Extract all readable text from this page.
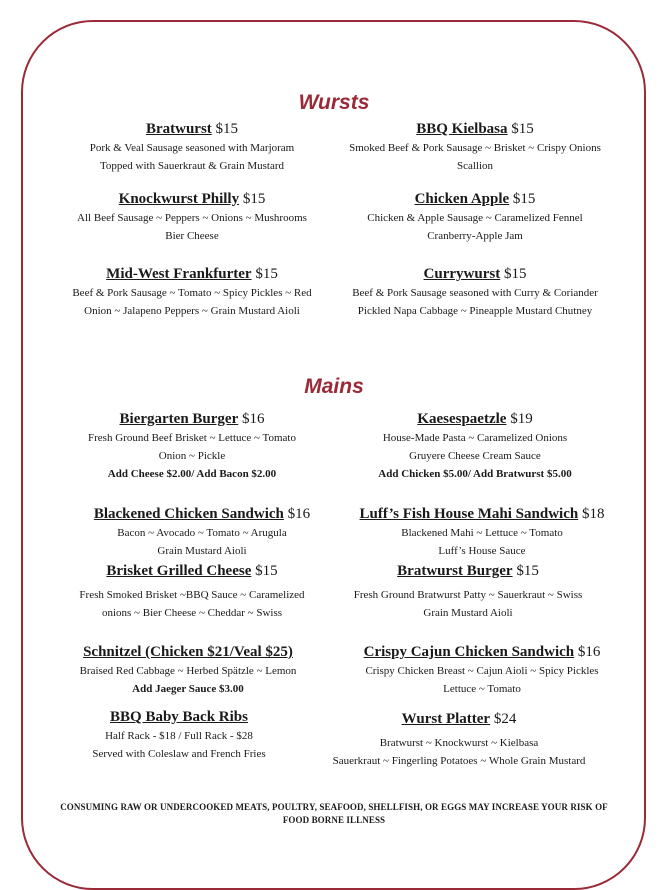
Wursts
Bratwurst $15
Pork & Veal Sausage seasoned with Marjoram
Topped with Sauerkraut & Grain Mustard
BBQ Kielbasa $15
Smoked Beef & Pork Sausage ~ Brisket ~ Crispy Onions
Scallion
Knockwurst Philly $15
All Beef Sausage ~ Peppers ~ Onions ~ Mushrooms
Bier Cheese
Chicken Apple $15
Chicken & Apple Sausage ~ Caramelized Fennel
Cranberry-Apple Jam
Mid-West Frankfurter $15
Beef & Pork Sausage ~ Tomato ~ Spicy Pickles ~ Red
Onion ~ Jalapeno Peppers ~ Grain Mustard Aioli
Currywurst $15
Beef & Pork Sausage seasoned with Curry & Coriander
Pickled Napa Cabbage ~ Pineapple Mustard Chutney
Mains
Biergarten Burger $16
Fresh Ground Beef Brisket ~ Lettuce ~ Tomato
Onion ~ Pickle
Add Cheese $2.00/ Add Bacon $2.00
Kaesespaetzle $19
House-Made Pasta ~ Caramelized Onions
Gruyere Cheese Cream Sauce
Add Chicken $5.00/ Add Bratwurst $5.00
Blackened Chicken Sandwich $16
Bacon ~ Avocado ~ Tomato ~ Arugula
Grain Mustard Aioli
Luff’s Fish House Mahi Sandwich $18
Blackened Mahi ~ Lettuce ~ Tomato
Luff’s House Sauce
Brisket Grilled Cheese $15
Fresh Smoked Brisket ~BBQ Sauce ~ Caramelized
onions ~ Bier Cheese ~ Cheddar ~ Swiss
Bratwurst Burger $15
Fresh Ground Bratwurst Patty ~ Sauerkraut ~ Swiss
Grain Mustard Aioli
Schnitzel (Chicken $21/Veal $25)
Braised Red Cabbage ~ Herbed Spätzle ~ Lemon
Add Jaeger Sauce $3.00
Crispy Cajun Chicken Sandwich $16
Crispy Chicken Breast ~ Cajun Aioli ~ Spicy Pickles
Lettuce ~ Tomato
BBQ Baby Back Ribs
Half Rack - $18 / Full Rack - $28
Served with Coleslaw and French Fries
Wurst Platter $24
Bratwurst ~ Knockwurst ~ Kielbasa
Sauerkraut ~ Fingerling Potatoes ~ Whole Grain Mustard
CONSUMING RAW OR UNDERCOOKED MEATS, POULTRY, SEAFOOD, SHELLFISH, OR EGGS MAY INCREASE YOUR RISK OF
FOOD BORNE ILLNESS
